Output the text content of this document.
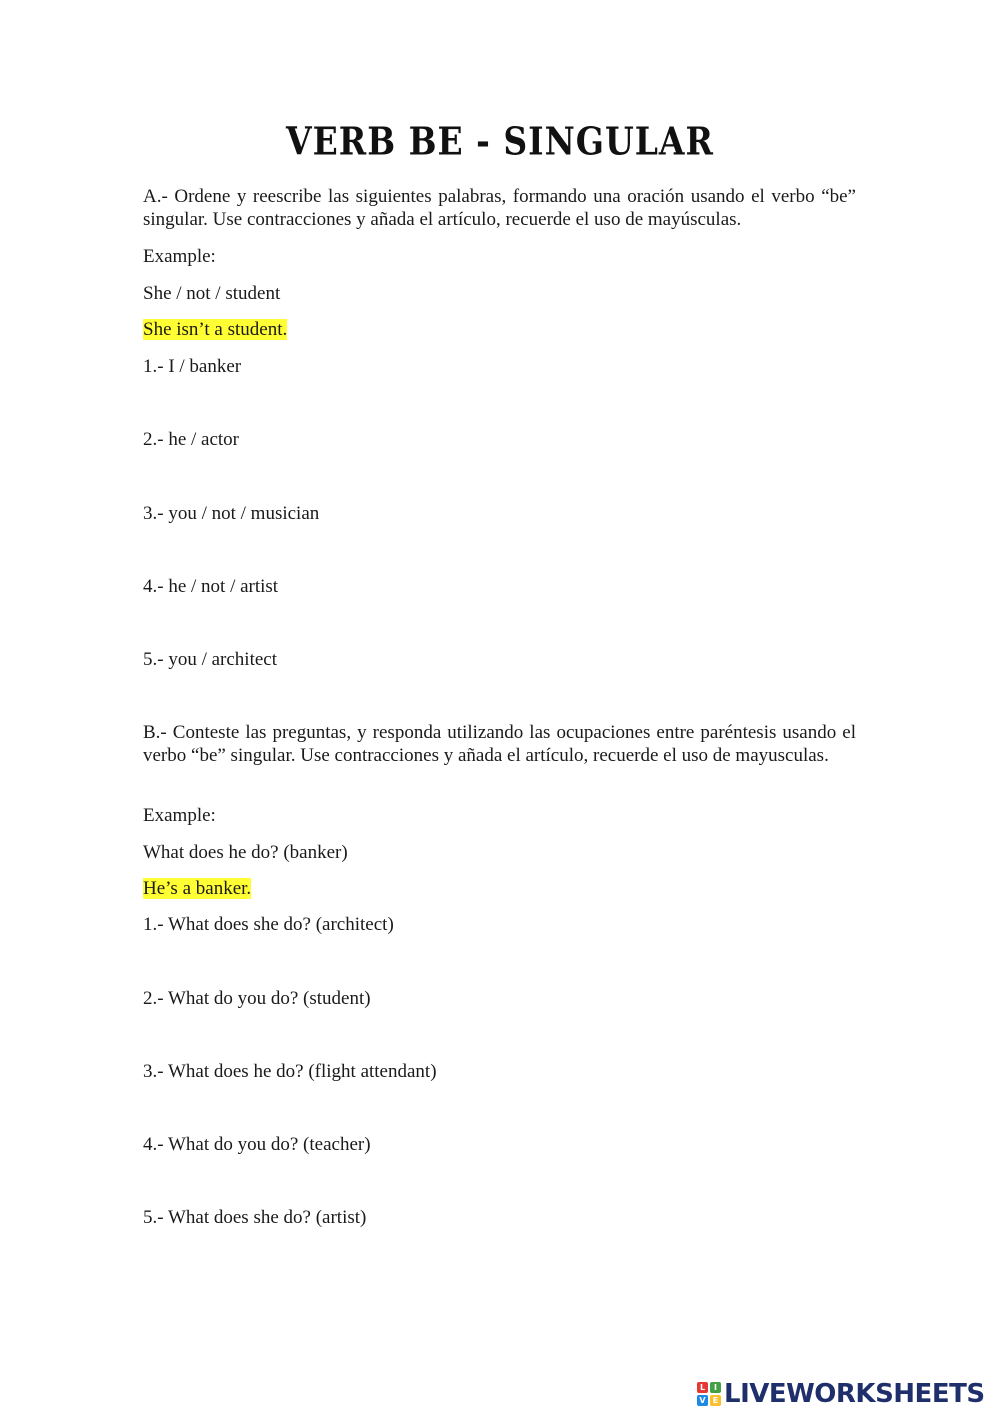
VERB BE - SINGULAR
A.- Ordene y reescribe las siguientes palabras, formando una oración usando el verbo “be” singular. Use contracciones y añada el artículo, recuerde el uso de mayúsculas.
Example:
She / not / student
She isn’t a student.
1.- I / banker
2.- he / actor
3.- you / not / musician
4.- he / not / artist
5.- you / architect
B.- Conteste las preguntas, y responda utilizando las ocupaciones entre paréntesis usando el verbo “be” singular. Use contracciones y añada el artículo, recuerde el uso de mayusculas.
Example:
What does he do? (banker)
He’s a banker.
1.- What does she do? (architect)
2.- What do you do? (student)
3.- What does he do? (flight attendant)
4.- What do you do? (teacher)
5.- What does she do? (artist)
L	I
V E LIVEWORKSHEETS
